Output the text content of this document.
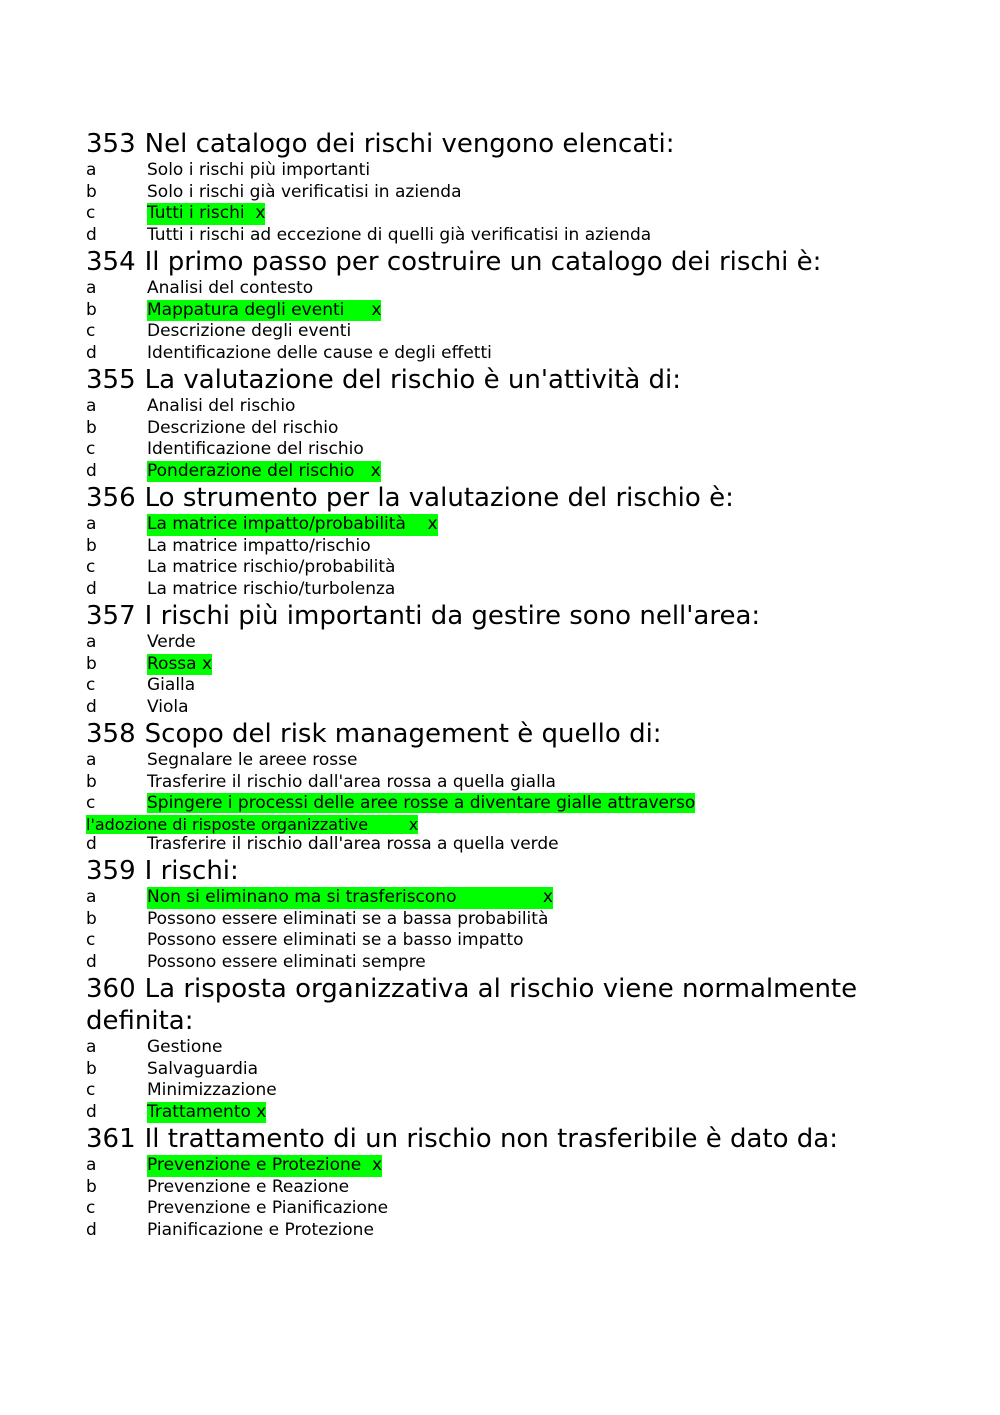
353 Nel catalogo dei rischi vengono elencati:
a	Solo i rischi più importanti
b	Solo i rischi già verificatisi in azienda
c	Tutti i rischi  x
d	Tutti i rischi ad eccezione di quelli già verificatisi in azienda
354 Il primo passo per costruire un catalogo dei rischi è:
a	Analisi del contesto
b	Mappatura degli eventi     x
c	Descrizione degli eventi
d	Identificazione delle cause e degli effetti
355 La valutazione del rischio è un'attività di:
a	Analisi del rischio
b	Descrizione del rischio
c	Identificazione del rischio
d	Ponderazione del rischio   x
356 Lo strumento per la valutazione del rischio è:
a	La matrice impatto/probabilità    x
b	La matrice impatto/rischio
c	La matrice rischio/probabilità
d	La matrice rischio/turbolenza
357 I rischi più importanti da gestire sono nell'area:
a	Verde
b	Rossa x
c	Gialla
d	Viola
358 Scopo del risk management è quello di:
a	Segnalare le areee rosse
b	Trasferire il rischio dall'area rossa a quella gialla
c	Spingere i processi delle aree rosse a diventare gialle attraverso
l'adozione di risposte organizzative        x
d	Trasferire il rischio dall'area rossa a quella verde
359 I rischi:
a	Non si eliminano ma si trasferiscono                x
b	Possono essere eliminati se a bassa probabilità
c	Possono essere eliminati se a basso impatto
d	Possono essere eliminati sempre
360 La risposta organizzativa al rischio viene normalmente definita:
a	Gestione
b	Salvaguardia
c	Minimizzazione
d	Trattamento x
361 Il trattamento di un rischio non trasferibile è dato da:
a	Prevenzione e Protezione  x
b	Prevenzione e Reazione
c	Prevenzione e Pianificazione
d	Pianificazione e Protezione
